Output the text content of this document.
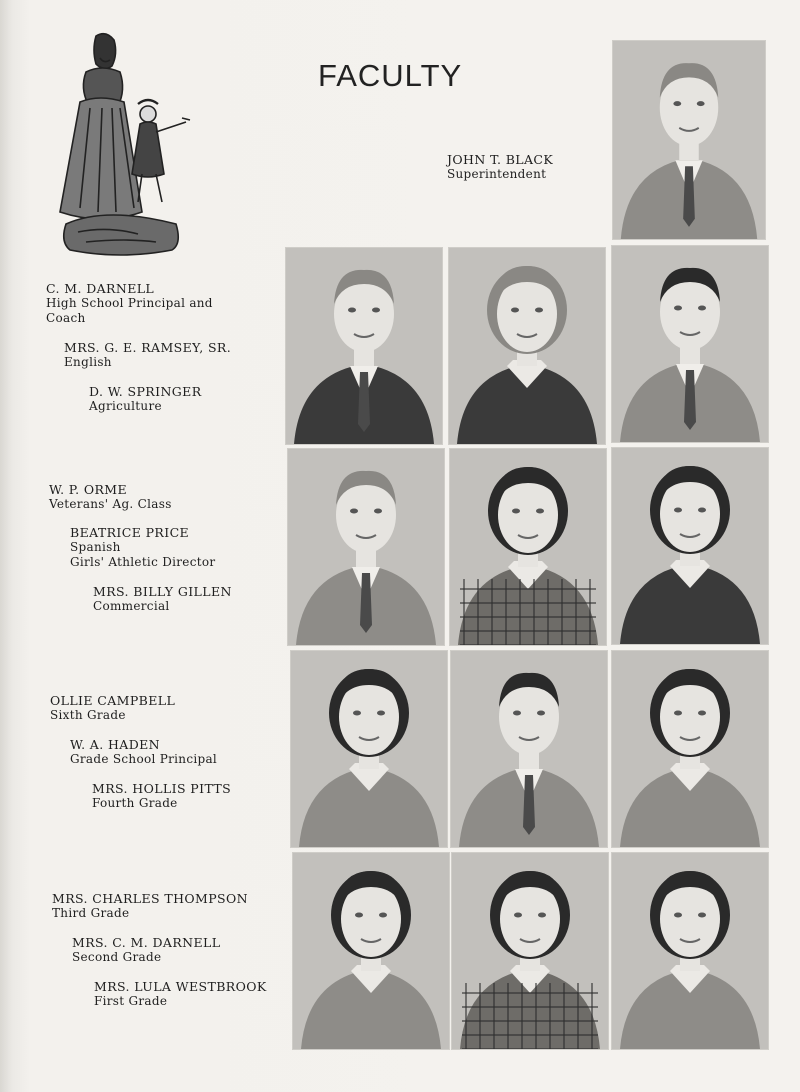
FACULTY
JOHN T. BLACK
Superintendent
C. M. DARNELL
High School Principal and Coach
MRS. G. E. RAMSEY, SR.
English
D. W. SPRINGER
Agriculture
W. P. ORME
Veterans' Ag. Class
BEATRICE PRICE
Spanish
Girls' Athletic Director
MRS. BILLY GILLEN
Commercial
OLLIE CAMPBELL
Sixth Grade
W. A. HADEN
Grade School Principal
MRS. HOLLIS PITTS
Fourth Grade
MRS. CHARLES THOMPSON
Third Grade
MRS. C. M. DARNELL
Second Grade
MRS. LULA WESTBROOK
First Grade
